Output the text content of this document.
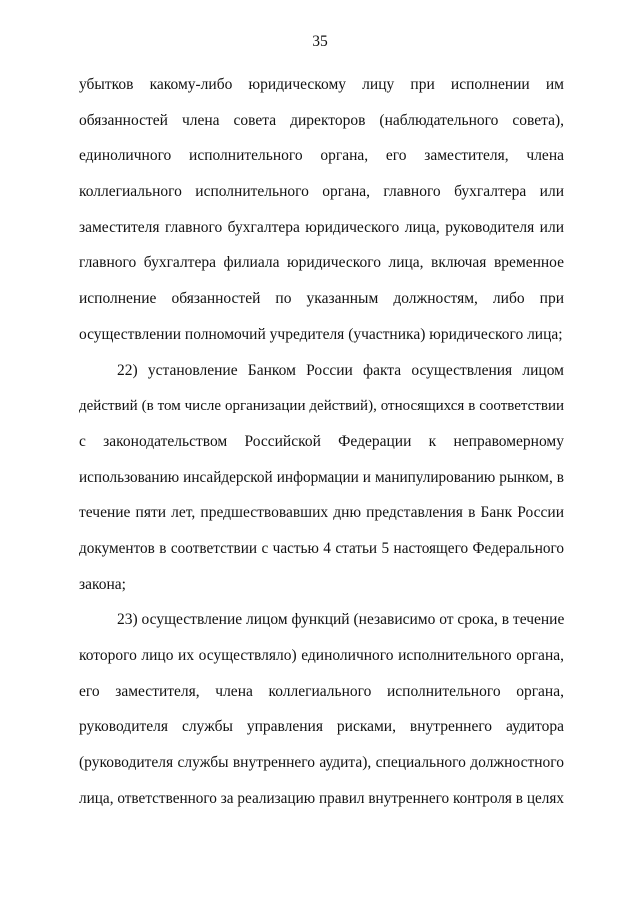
35
убытков какому-либо юридическому лицу при исполнении им
обязанностей члена совета директоров (наблюдательного совета),
единоличного исполнительного органа, его заместителя, члена
коллегиального исполнительного органа, главного бухгалтера или
заместителя главного бухгалтера юридического лица, руководителя или
главного бухгалтера филиала юридического лица, включая временное
исполнение обязанностей по указанным должностям, либо при
осуществлении полномочий учредителя (участника) юридического лица;
22) установление Банком России факта осуществления лицом
действий (в том числе организации действий), относящихся в соответствии
с законодательством Российской Федерации к неправомерному
использованию инсайдерской информации и манипулированию рынком, в
течение пяти лет, предшествовавших дню представления в Банк России
документов в соответствии с частью 4 статьи 5 настоящего Федерального
закона;
23) осуществление лицом функций (независимо от срока, в течение
которого лицо их осуществляло) единоличного исполнительного органа,
его заместителя, члена коллегиального исполнительного органа,
руководителя службы управления рисками, внутреннего аудитора
(руководителя службы внутреннего аудита), специального должностного
лица, ответственного за реализацию правил внутреннего контроля в целях
